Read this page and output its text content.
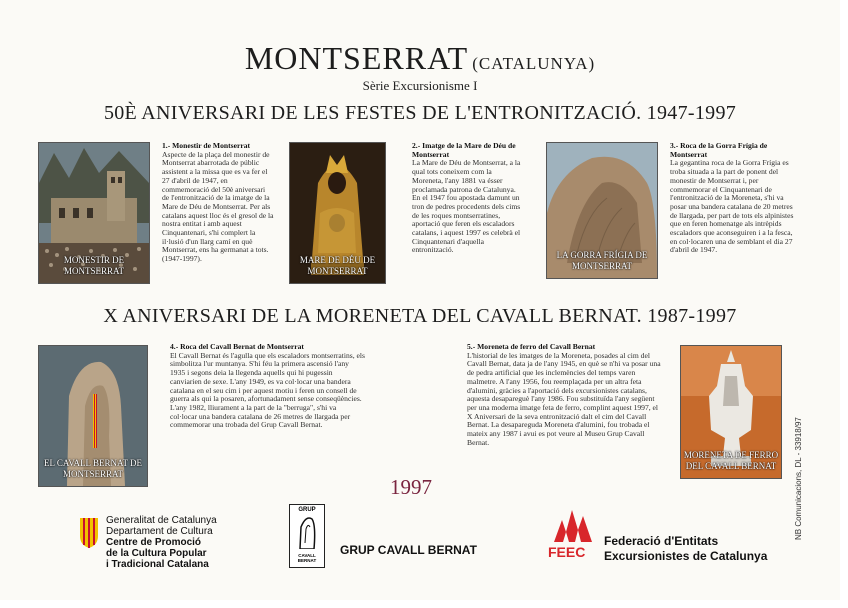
MONTSERRAT (CATALUNYA)
Sèrie Excursionisme I
50È ANIVERSARI DE LES FESTES DE L'ENTRONITZACIÓ. 1947-1997
MONESTIR DE MONTSERRAT

1.- Monestir de Montserrat

Aspecte de la plaça del monestir de Montserrat abarrotada de públic assistent a la missa que es va fer el 27 d'abril de 1947, en commemoració del 50è aniversari de l'entronització de la imatge de la Mare de Déu de Montserrat. Per als catalans aquest lloc és el gresol de la nostra entitat i amb aquest Cinquantenari, s'hi complert la il·lusió d'un llarg camí en què Montserrat, ens ha germanat a tots. (1947-1997).	MARE DE DÉU DE MONTSERRAT

2.- Imatge de la Mare de Déu de Montserrat

La Mare de Déu de Montserrat, a la qual tots coneixem com la Moreneta, l'any 1881 va ésser proclamada patrona de Catalunya. En el 1947 fou apostada damunt un tron de pedres procedents dels cims de les roques montserratines, aportació que feren els escaladors catalans, i aquest 1997 es celebrà el Cinquantenari d'aquella entronització.

LA GORRA FRÍGIA DE MONTSERRAT

3.- Roca de la Gorra Frígia de Montserrat

La gegantina roca de la Gorra Frígia es troba situada a la part de ponent del monestir de Montserrat i, per commemorar el Cinquantenari de l'entronització de la Moreneta, s'hi va posar una bandera catalana de 20 metres de llargada, per part de tots els alpinistes que en feren homenatge als intrèpids escaladors que aconseguiren i a la fesca, en col·locaren una de semblant el dia 27 d'abril de 1947.

X ANIVERSARI DE LA MORENETA DEL CAVALL BERNAT. 1987-1997
EL CAVALL BERNAT DE MONTSERRAT

4.- Roca del Cavall Bernat de Montserrat

El Cavall Bernat és l'agulla que els escaladors montserratins, els simbolitza l'ur muntanya. S'hi féu la primera ascensió l'any 1935 i segons deia la llegenda aquells qui hi pugessin canviarien de sexe. L'any 1949, es va col·locar una bandera catalana en el seu cim i per aquest motiu i feren un consell de guerra als qui la posaren, afortunadament sense conseqüències. L'any 1982, lliurament a la part de la "berruga", s'hi va col·locar una bandera catalana de 26 metres de llargada per commemorar una trobada del Grup Cavall Bernat.

5.- Moreneta de ferro del Cavall Bernat

L'historial de les imatges de la Moreneta, posades al cim del Cavall Bernat, data ja de l'any 1945, en què se n'hi va posar una de pedra artificial que les inclemències del temps varen malmetre. A l'any 1956, fou reemplaçada per un altra feta d'alumini, gràcies a l'aportació dels excursionistes catalans, aquesta desapareguè l'any 1986. Fou substituïda l'any següent per una moderna imatge feta de ferro, complint aquest 1997, el X Aniversari de la seva entronització dalt el cim del Cavall Bernat. La desapareguda Moreneta d'alumini, fou trobada el mateix any 1987 i avui es pot veure al Museu Grup Cavall Bernat.

MORENETA DE FERRO DEL CAVALL BERNAT
1997
Generalitat de Catalunya
Departament de Cultura
Centre de Promoció
de la Cultura Popular
i Tradicional Catalana
GRUP
CAVALL BERNAT
GRUP CAVALL BERNAT	FEEC
Federació d'Entitats
Excursionistes de Catalunya
NB Comunicacions, DL - 33918/97
